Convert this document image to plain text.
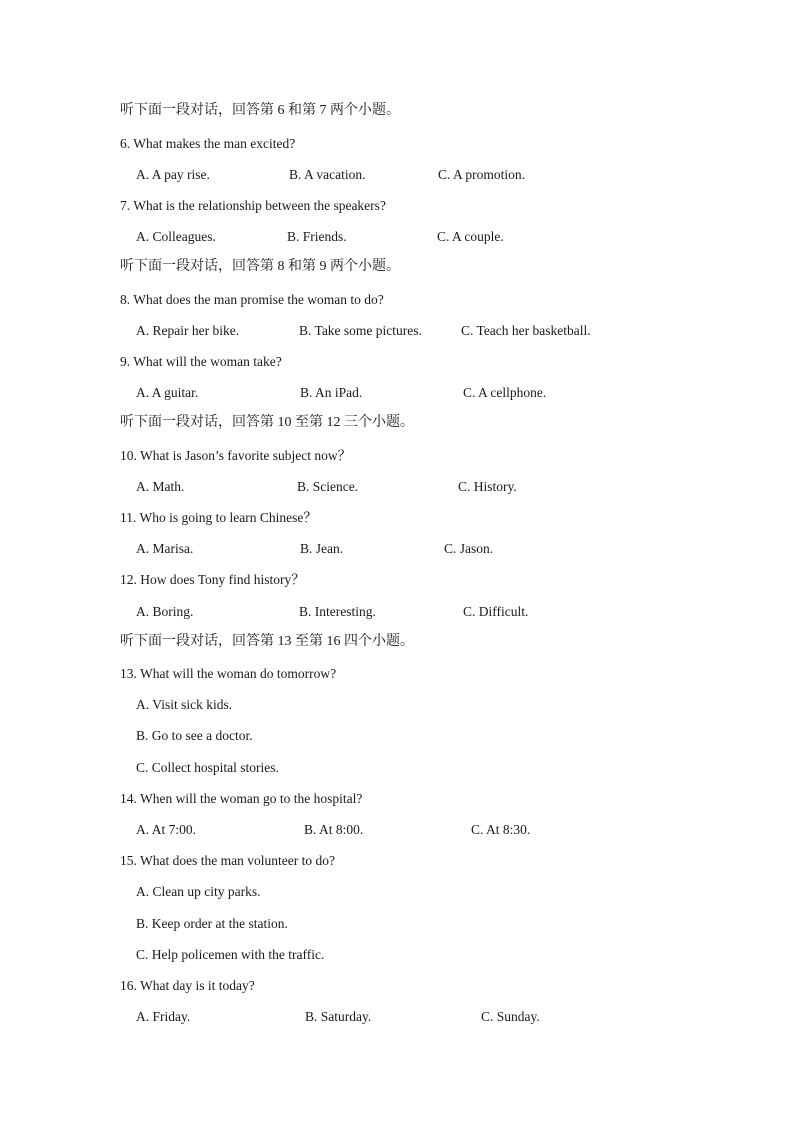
听下面一段对话，回答第 6 和第 7 两个小题。
6. What makes the man excited?
A. A pay rise.	B. A vacation.	C. A promotion.
7. What is the relationship between the speakers?
A. Colleagues.	B. Friends.	C. A couple.
听下面一段对话，回答第 8 和第 9 两个小题。
8. What does the man promise the woman to do?
A. Repair her bike.	B. Take some pictures.	C. Teach her basketball.
9. What will the woman take?
A. A guitar.	B. An iPad.	C. A cellphone.
听下面一段对话，回答第 10 至第 12 三个小题。
10. What is Jason’s favorite subject now？
A. Math.	B. Science.	C. History.
11. Who is going to learn Chinese？
A. Marisa.	B. Jean.	C. Jason.
12. How does Tony find history？
A. Boring.	B. Interesting.	C. Difficult.
听下面一段对话，回答第 13 至第 16 四个小题。
13. What will the woman do tomorrow?
A. Visit sick kids.
B. Go to see a doctor.
C. Collect hospital stories.
14. When will the woman go to the hospital?
A. At 7:00.	B. At 8:00.	C. At 8:30.
15. What does the man volunteer to do?
A. Clean up city parks.
B. Keep order at the station.
C. Help policemen with the traffic.
16. What day is it today?
A. Friday.	B. Saturday.	C. Sunday.
